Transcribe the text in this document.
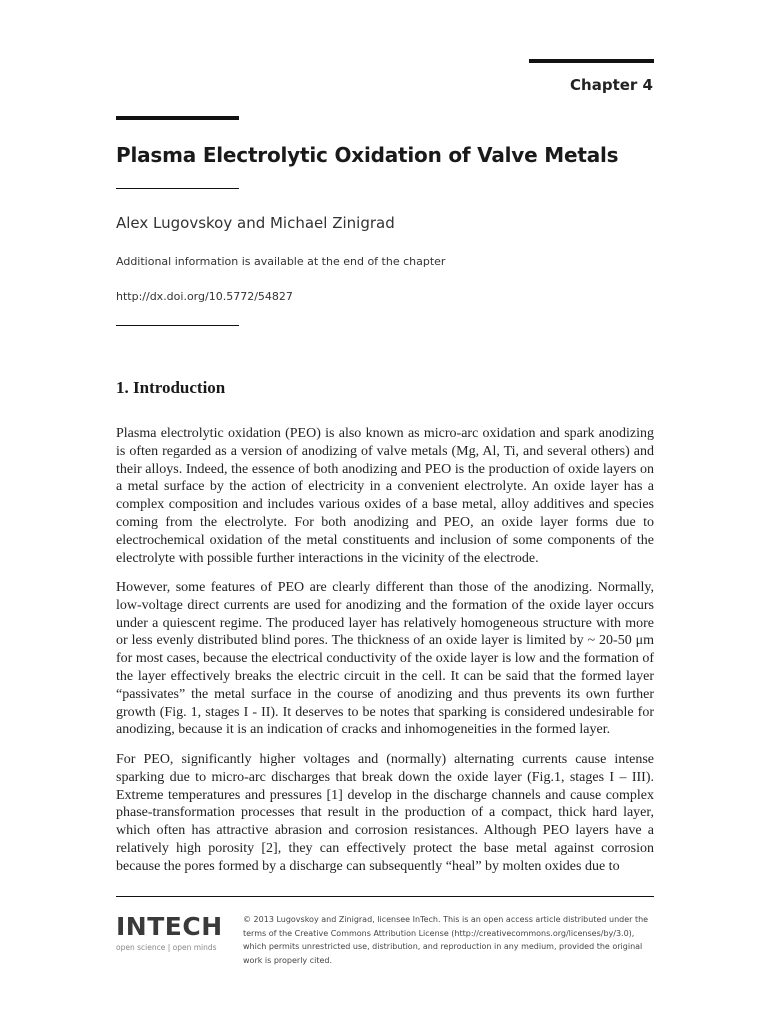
Chapter 4
Plasma Electrolytic Oxidation of Valve Metals
Alex Lugovskoy and Michael Zinigrad
Additional information is available at the end of the chapter
http://dx.doi.org/10.5772/54827
1. Introduction

Plasma electrolytic oxidation (PEO) is also known as micro-arc oxidation and spark anodizing is often regarded as a version of anodizing of valve metals (Mg, Al, Ti, and several others) and their alloys. Indeed, the essence of both anodizing and PEO is the production of oxide layers on a metal surface by the action of electricity in a convenient electrolyte. An oxide layer has a complex composition and includes various oxides of a base metal, alloy additives and species coming from the electrolyte. For both anodizing and PEO, an oxide layer forms due to electrochemical oxidation of the metal constituents and inclusion of some components of the electrolyte with possible further interactions in the vicinity of the electrode.

However, some features of PEO are clearly different than those of the anodizing. Normally, low-voltage direct currents are used for anodizing and the formation of the oxide layer occurs under a quiescent regime. The produced layer has relatively homogeneous structure with more or less evenly distributed blind pores. The thickness of an oxide layer is limited by ~ 20-50 μm for most cases, because the electrical conductivity of the oxide layer is low and the formation of the layer effectively breaks the electric circuit in the cell. It can be said that the formed layer “passivates” the metal surface in the course of anodizing and thus prevents its own further growth (Fig. 1, stages I - II). It deserves to be notes that sparking is considered undesirable for anodizing, because it is an indication of cracks and inhomogeneities in the formed layer.

For PEO, significantly higher voltages and (normally) alternating currents cause intense sparking due to micro-arc discharges that break down the oxide layer (Fig.1, stages I – III). Extreme temperatures and pressures [1] develop in the discharge channels and cause complex phase-transformation processes that result in the production of a compact, thick hard layer, which often has attractive abrasion and corrosion resistances. Although PEO layers have a relatively high porosity [2], they can effectively protect the base metal against corrosion because the pores formed by a discharge can subsequently “heal” by molten oxides due to

INTECH
open science | open minds

© 2013 Lugovskoy and Zinigrad, licensee InTech. This is an open access article distributed under the terms of the Creative Commons Attribution License (http://creativecommons.org/licenses/by/3.0), which permits unrestricted use, distribution, and reproduction in any medium, provided the original work is properly cited.
